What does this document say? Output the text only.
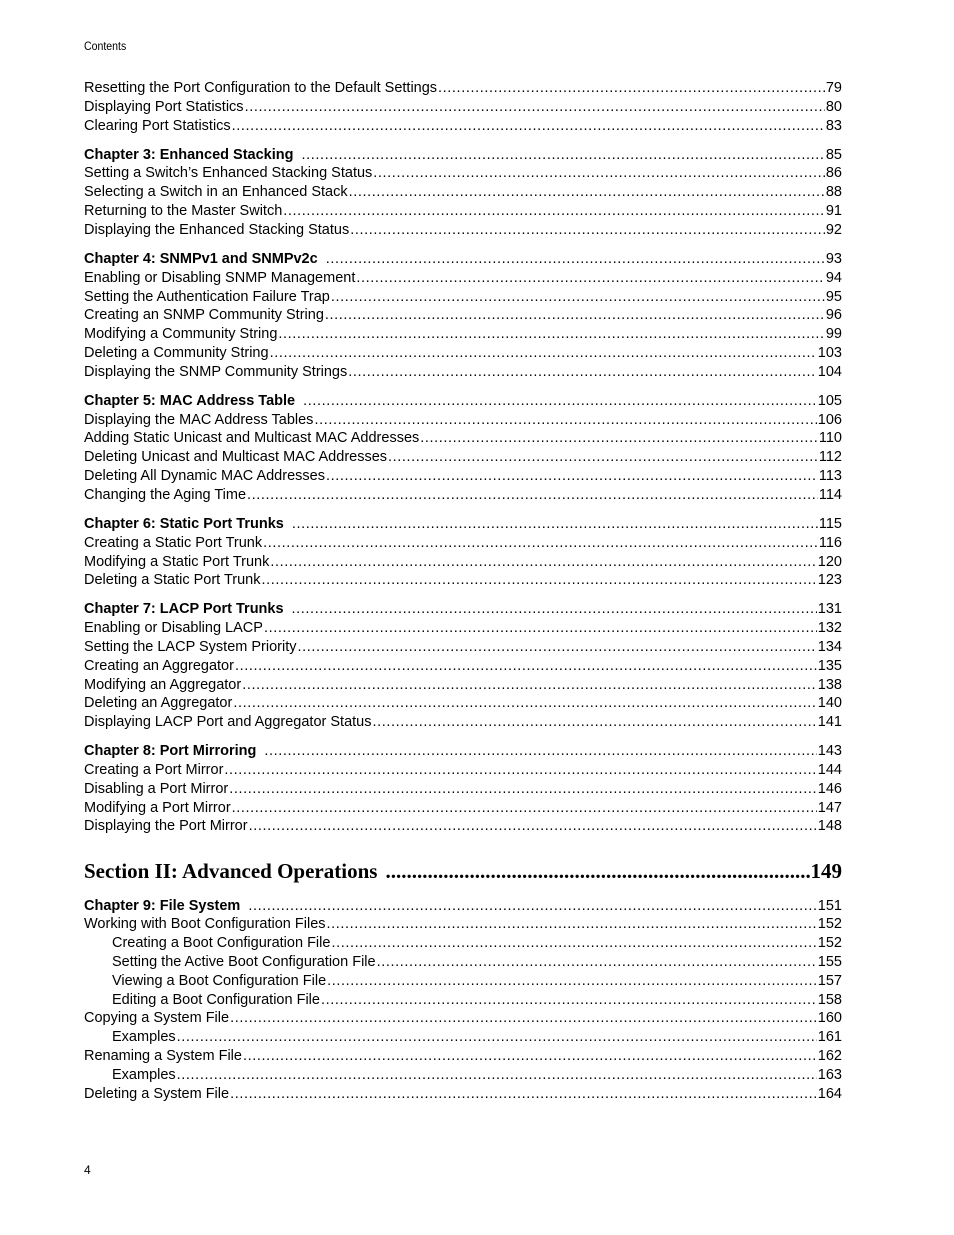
Contents
Resetting the Port Configuration to the Default Settings .....	79
Displaying Port Statistics .....	80
Clearing Port Statistics .....	83
Chapter 3: Enhanced Stacking .....	85
Setting a Switch’s Enhanced Stacking Status .....	86
Selecting a Switch in an Enhanced Stack .....	88
Returning to the Master Switch .....	91
Displaying the Enhanced Stacking Status .....	92
Chapter 4: SNMPv1 and SNMPv2c .....	93
Enabling or Disabling SNMP Management .....	94
Setting the Authentication Failure Trap .....	95
Creating an SNMP Community String .....	96
Modifying a Community String .....	99
Deleting a Community String .....	103
Displaying the SNMP Community Strings .....	104
Chapter 5: MAC Address Table .....	105
Displaying the MAC Address Tables .....	106
Adding Static Unicast and Multicast MAC Addresses .....	110
Deleting Unicast and Multicast MAC Addresses .....	112
Deleting All Dynamic MAC Addresses .....	113
Changing the Aging Time .....	114
Chapter 6: Static Port Trunks .....	115
Creating a Static Port Trunk .....	116
Modifying a Static Port Trunk .....	120
Deleting a Static Port Trunk .....	123
Chapter 7: LACP Port Trunks .....	131
Enabling or Disabling LACP .....	132
Setting the LACP System Priority .....	134
Creating an Aggregator .....	135
Modifying an Aggregator .....	138
Deleting an Aggregator .....	140
Displaying LACP Port and Aggregator Status .....	141
Chapter 8: Port Mirroring .....	143
Creating a Port Mirror .....	144
Disabling a Port Mirror .....	146
Modifying a Port Mirror .....	147
Displaying the Port Mirror .....	148
Section II: Advanced Operations .....	149
Chapter 9: File System .....	151
Working with Boot Configuration Files .....	152
Creating a Boot Configuration File .....	152
Setting the Active Boot Configuration File .....	155
Viewing a Boot Configuration File .....	157
Editing a Boot Configuration File .....	158
Copying a System File .....	160
Examples .....	161
Renaming a System File .....	162
Examples .....	163
Deleting a System File .....	164
4
